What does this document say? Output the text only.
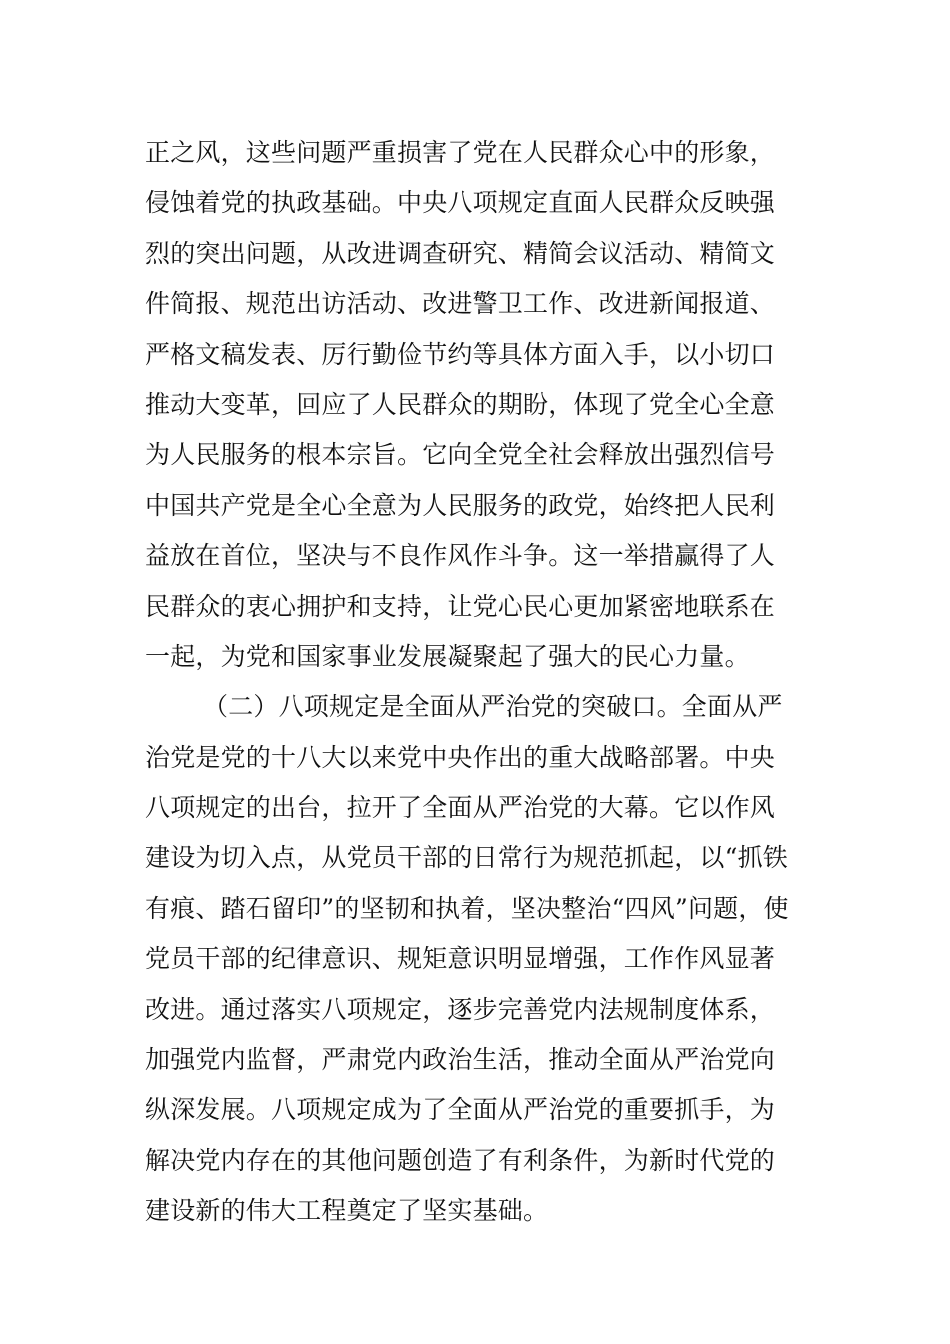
正之风，这些问题严重损害了党在人民群众心中的形象，
侵蚀着党的执政基础。中央八项规定直面人民群众反映强
烈的突出问题，从改进调查研究、精简会议活动、精简文
件简报、规范出访活动、改进警卫工作、改进新闻报道、
严格文稿发表、厉行勤俭节约等具体方面入手，以小切口
推动大变革，回应了人民群众的期盼，体现了党全心全意
为人民服务的根本宗旨。它向全党全社会释放出强烈信号
中国共产党是全心全意为人民服务的政党，始终把人民利
益放在首位，坚决与不良作风作斗争。这一举措赢得了人
民群众的衷心拥护和支持，让党心民心更加紧密地联系在
一起，为党和国家事业发展凝聚起了强大的民心力量。
（二）八项规定是全面从严治党的突破口。全面从严
治党是党的十八大以来党中央作出的重大战略部署。中央
八项规定的出台，拉开了全面从严治党的大幕。它以作风
建设为切入点，从党员干部的日常行为规范抓起，以“抓铁
有痕、踏石留印”的坚韧和执着，坚决整治“四风”问题，使
党员干部的纪律意识、规矩意识明显增强，工作作风显著
改进。通过落实八项规定，逐步完善党内法规制度体系，
加强党内监督，严肃党内政治生活，推动全面从严治党向
纵深发展。八项规定成为了全面从严治党的重要抓手，为
解决党内存在的其他问题创造了有利条件，为新时代党的
建设新的伟大工程奠定了坚实基础。
